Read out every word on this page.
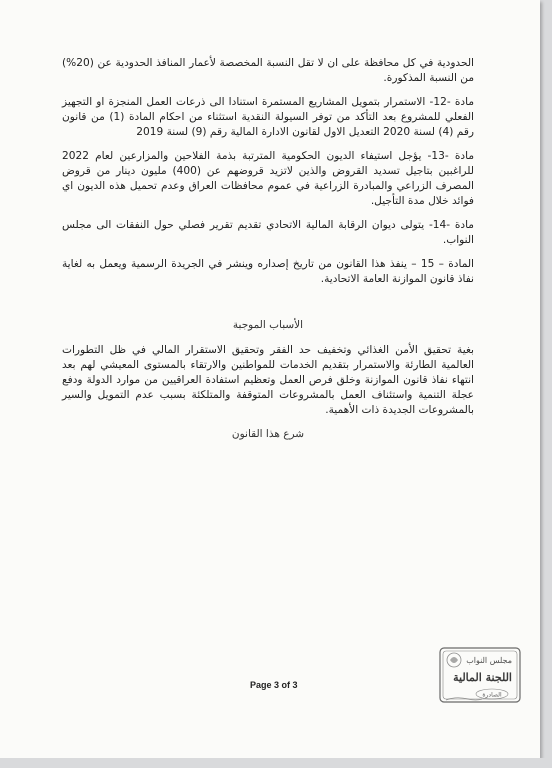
الحدودية في كل محافظة على ان لا تقل النسبة المخصصة لأعمار المنافذ الحدودية عن (20%) من النسبة المذكورة.

مادة -12- الاستمرار بتمويل المشاريع المستمرة استنادا الى ذرعات العمل المنجزة او التجهيز الفعلي للمشروع بعد التأكد من توفر السيولة النقدية استثناء من احكام المادة (1) من قانون رقم (4) لسنة 2020 التعديل الاول لقانون الادارة المالية رقم (9) لسنة 2019

مادة -13- يؤجل استيفاء الديون الحكومية المترتبة بذمة الفلاحين والمزارعين لعام 2022 للراغبين بتاجيل تسديد القروض والذين لاتزيد قروضهم عن (400) مليون دينار من قروض المصرف الزراعي والمبادرة الزراعية في عموم محافظات العراق وعدم تحميل هذه الديون اي فوائد خلال مدة التأجيل.

مادة -14- يتولى ديوان الرقابة المالية الاتحادي تقديم تقرير فصلي حول النفقات الى مجلس النواب.

المادة – 15 – ينفذ هذا القانون من تاريخ إصداره وينشر في الجريدة الرسمية ويعمل به لغاية نفاذ قانون الموازنة العامة الاتحادية.

الأسباب الموجبة

بغية تحقيق الأمن الغذائي وتخفيف حد الفقر وتحقيق الاستقرار المالي في ظل التطورات العالمية الطارئة والاستمرار بتقديم الخدمات للمواطنين والارتقاء بالمستوى المعيشي لهم بعد انتهاء نفاذ قانون الموازنة وخلق فرص العمل وتعظيم استفادة العراقيين من موارد الدولة ودفع عجلة التنمية واستئناف العمل بالمشروعات المتوقفة والمتلكئة بسبب عدم التمويل والسير بالمشروعات الجديدة ذات الأهمية.

شرع هذا القانون

Page 3 of 3
مجلس النواب
اللجنة المالية
الصادرة
